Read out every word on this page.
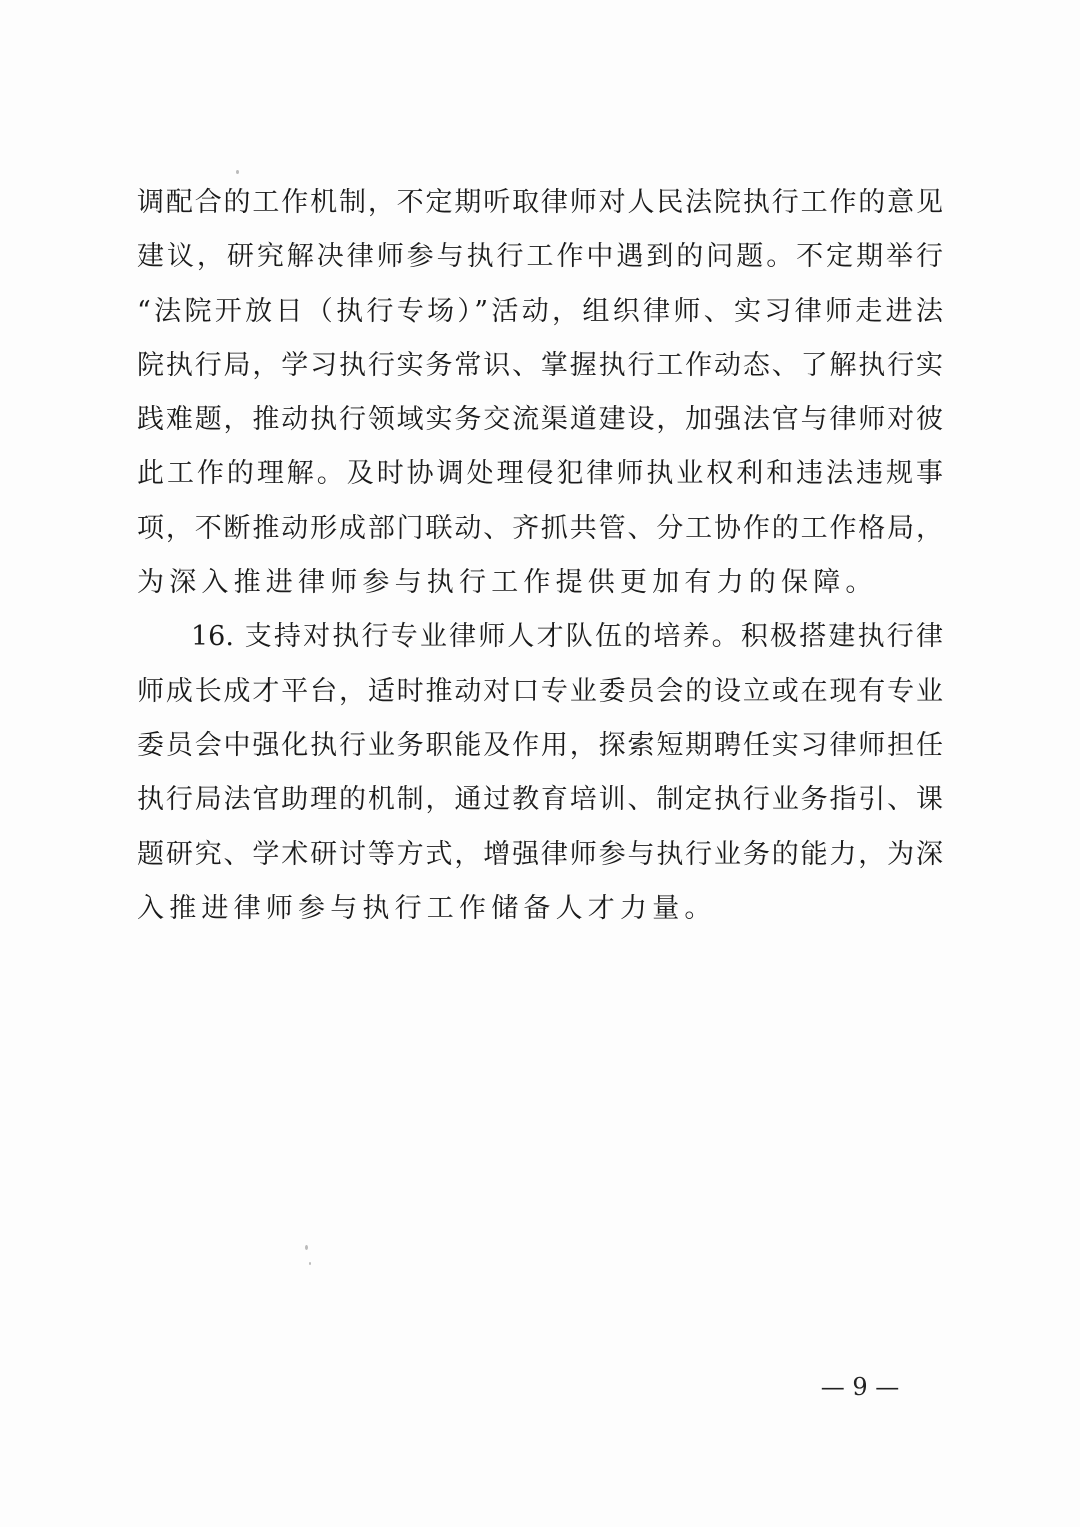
调配合的工作机制，不定期听取律师对人民法院执行工作的意见
建议，研究解决律师参与执行工作中遇到的问题。不定期举行
“法院开放日（执行专场）”活动，组织律师、实习律师走进法
院执行局，学习执行实务常识、掌握执行工作动态、了解执行实
践难题，推动执行领域实务交流渠道建设，加强法官与律师对彼
此工作的理解。及时协调处理侵犯律师执业权利和违法违规事
项，不断推动形成部门联动、齐抓共管、分工协作的工作格局，
为深入推进律师参与执行工作提供更加有力的保障。
16. 支持对执行专业律师人才队伍的培养。积极搭建执行律
师成长成才平台，适时推动对口专业委员会的设立或在现有专业
委员会中强化执行业务职能及作用，探索短期聘任实习律师担任
执行局法官助理的机制，通过教育培训、制定执行业务指引、课
题研究、学术研讨等方式，增强律师参与执行业务的能力，为深
入推进律师参与执行工作储备人才力量。
— 9 —
